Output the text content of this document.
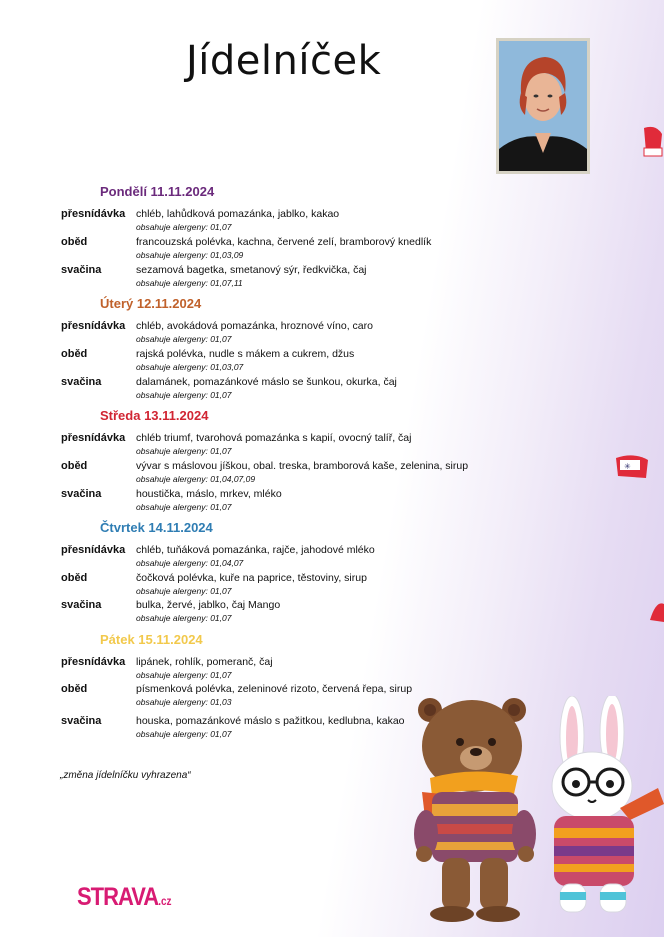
Jídelníček
Pondělí 11.11.2024
přesnídávka chléb, lahůdková pomazánka, jablko, kakao
obsahuje alergeny: 01,07
oběd	francouzská polévka, kachna, červené zelí, bramborový knedlík
obsahuje alergeny: 01,03,09
svačina	sezamová bagetka, smetanový sýr, ředkvička, čaj
obsahuje alergeny: 01,07,11
Úterý 12.11.2024
přesnídávka chléb, avokádová pomazánka, hroznové víno, caro
obsahuje alergeny: 01,07
oběd	rajská polévka, nudle s mákem a cukrem, džus
obsahuje alergeny: 01,03,07
svačina	dalamánek, pomazánkové máslo se šunkou, okurka, čaj
obsahuje alergeny: 01,07
Středa 13.11.2024
přesnídávka chléb triumf, tvarohová pomazánka s kapií, ovocný talíř, čaj
obsahuje alergeny: 01,07
oběd	vývar s máslovou jíškou, obal. treska, bramborová kaše, zelenina, sirup
obsahuje alergeny: 01,04,07,09
svačina	houstička, máslo, mrkev, mléko
obsahuje alergeny: 01,07
Čtvrtek 14.11.2024
přesnídávka chléb, tuňáková pomazánka, rajče, jahodové mléko
obsahuje alergeny: 01,04,07
oběd	čočková polévka, kuře na paprice, těstoviny, sirup
obsahuje alergeny: 01,07
svačina	bulka, žervé, jablko, čaj Mango
obsahuje alergeny: 01,07
Pátek 15.11.2024
přesnídávka lipánek, rohlík, pomeranč, čaj
obsahuje alergeny: 01,07
oběd	písmenková polévka, zeleninové rizoto, červená řepa, sirup
obsahuje alergeny: 01,03
svačina	houska, pomazánkové máslo s pažitkou, kedlubna, kakao
obsahuje alergeny: 01,07
„změna jídelníčku vyhrazena“
STRAVA.cz
✳
